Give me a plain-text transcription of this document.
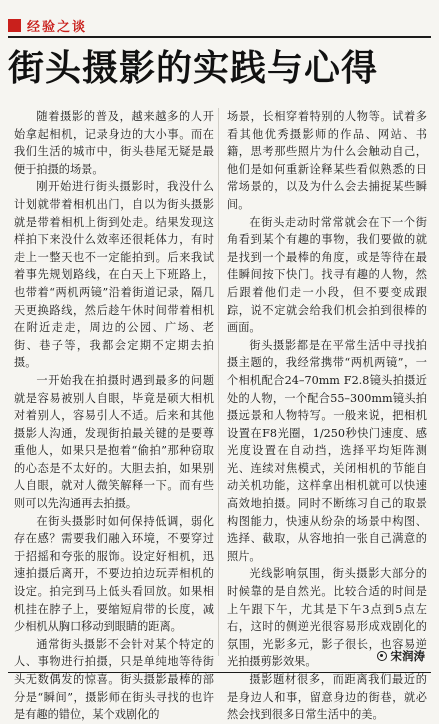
经验之谈
街头摄影的实践与心得

随着摄影的普及，越来越多的人开始拿起相机，记录身边的大小事。而在我们生活的城市中，街头巷尾无疑是最便于拍摄的场景。

刚开始进行街头摄影时，我没什么计划就带着相机出门，自以为街头摄影就是带着相机上街到处走。结果发现这样拍下来没什么效率还很耗体力，有时走上一整天也不一定能拍到。后来我试着事先规划路线，在白天上下班路上，也带着“两机两镜”沿着街道记录，隔几天更换路线，然后趁午休时间带着相机在附近走走，周边的公园、广场、老街、巷子等，我都会定期不定期去拍摄。

一开始我在拍摄时遇到最多的问题就是容易被别人自眼，毕竟是硕大相机对着别人，容易引人不适。后来和其他摄影人沟通，发现街拍最关键的是要尊重他人，如果只是抱着“偷拍”那种窃取的心态是不太好的。大胆去拍，如果别人自眼，就对人微笑解释一下。而有些则可以先沟通再去拍摄。

在街头摄影时如何保持低调，弱化存在感？需要我们融入环境，不要穿过于招摇和夸张的服饰。设定好相机，迅速拍摄后离开，不要边拍边玩弄相机的设定。拍完到马上低头看回放。如果相机挂在脖子上，要缩短肩带的长度，减少相机从胸口移动到眼睛的距离。

通常街头摄影不会针对某个特定的人、事物进行拍摄，只是单纯地等待街头无数偶发的惊喜。街头摄影最棒的部分是“瞬间”，摄影师在街头寻找的也许是有趣的错位，某个戏剧化的

场景，长相穿着特别的人物等。试着多看其他优秀摄影师的作品、网站、书籍，思考那些照片为什么会触动自己，他们是如何重新诠释某些看似熟悉的日常场景的，以及为什么会去捕捉某些瞬间。

在街头走动时常常就会在下一个街角看到某个有趣的事物，我们要做的就是找到一个最棒的角度，或是等待在最佳瞬间按下快门。找寻有趣的人物，然后跟着他们走一小段，但不要变成跟踪，说不定就会给我们机会拍到很棒的画面。

街头摄影都是在平常生活中寻找拍摄主题的，我经常携带“两机两镜”，一个相机配合24–70mm F2.8镜头拍摄近处的人物，一个配合55–300mm镜头拍摄远景和人物特写。一般来说，把相机设置在F8光圈，1/250秒快门速度、感光度设置在自动挡，选择平均矩阵测光、连续对焦模式，关闭相机的节能自动关机功能，这样拿出相机就可以快速高效地拍摄。同时不断练习自己的取景构图能力，快速从纷杂的场景中构图、选择、截取，从容地拍一张自己满意的照片。

光线影响氛围，街头摄影大部分的时候靠的是自然光。比较合适的时间是上午跟下午，尤其是下午3点到5点左右，这时的侧逆光很容易形成戏剧化的氛围，光影多元，影子很长，也容易逆光拍摄剪影效果。

摄影题材很多，而距离我们最近的是身边人和事，留意身边的街巷，就必然会找到很多日常生活中的美。

宋润涛
